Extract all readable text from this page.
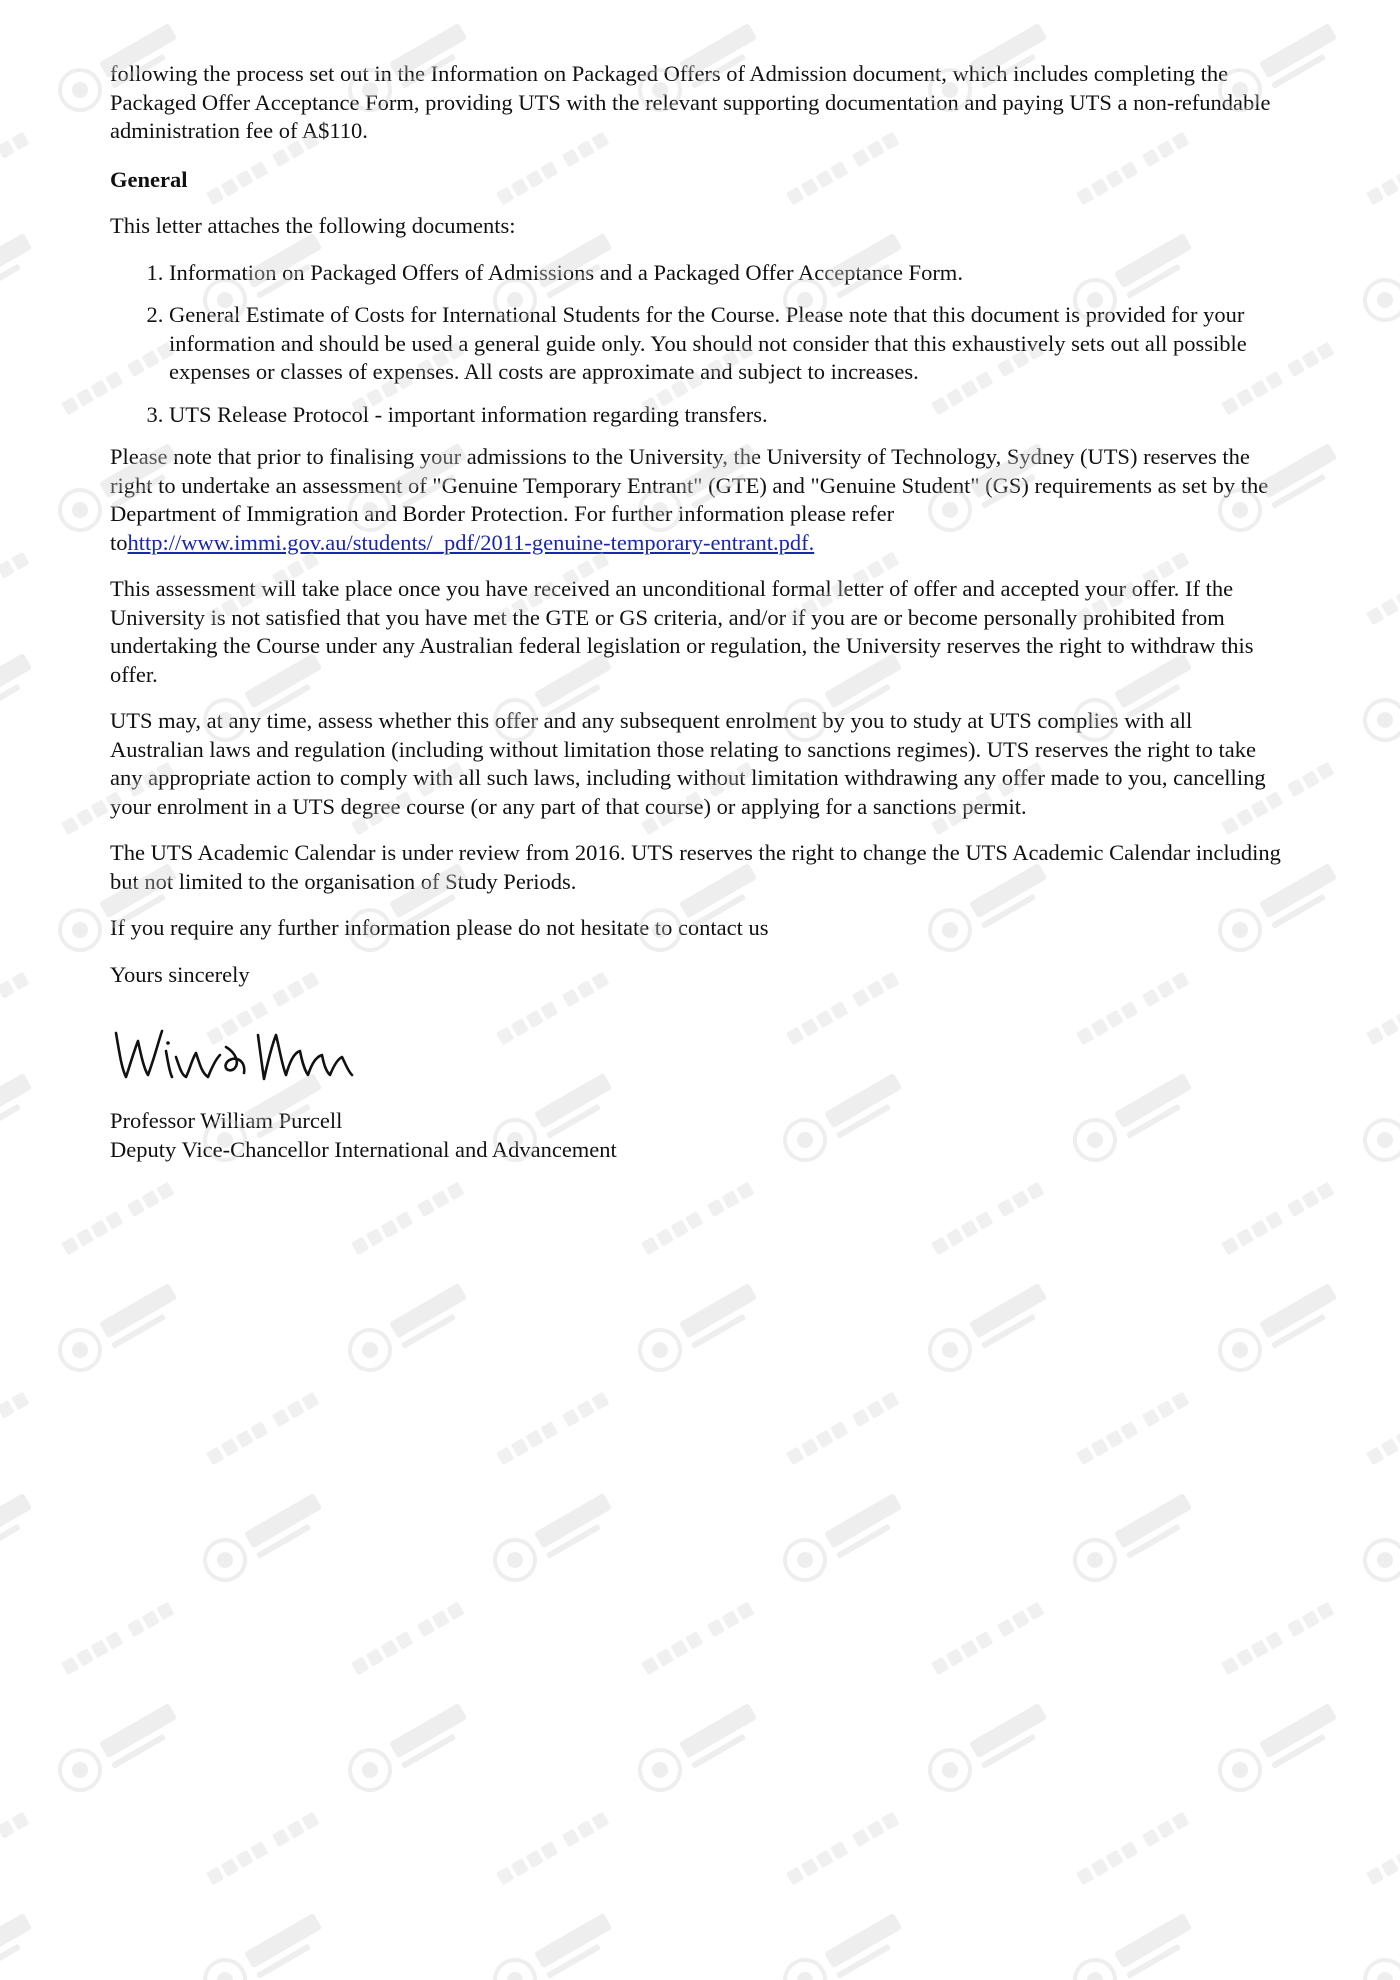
following the process set out in the Information on Packaged Offers of Admission document, which includes completing the Packaged Offer Acceptance Form, providing UTS with the relevant supporting documentation and paying UTS a non-refundable administration fee of A$110.

General

This letter attaches the following documents:

1. Information on Packaged Offers of Admissions and a Packaged Offer Acceptance Form.
2. General Estimate of Costs for International Students for the Course. Please note that this document is provided for your information and should be used a general guide only. You should not consider that this exhaustively sets out all possible expenses or classes of expenses. All costs are approximate and subject to increases.
3. UTS Release Protocol - important information regarding transfers.

Please note that prior to finalising your admissions to the University, the University of Technology, Sydney (UTS) reserves the right to undertake an assessment of "Genuine Temporary Entrant" (GTE) and "Genuine Student" (GS) requirements as set by the Department of Immigration and Border Protection. For further information please refer tohttp://www.immi.gov.au/students/_pdf/2011-genuine-temporary-entrant.pdf.

This assessment will take place once you have received an unconditional formal letter of offer and accepted your offer. If the University is not satisfied that you have met the GTE or GS criteria, and/or if you are or become personally prohibited from undertaking the Course under any Australian federal legislation or regulation, the University reserves the right to withdraw this offer.

UTS may, at any time, assess whether this offer and any subsequent enrolment by you to study at UTS complies with all Australian laws and regulation (including without limitation those relating to sanctions regimes). UTS reserves the right to take any appropriate action to comply with all such laws, including without limitation withdrawing any offer made to you, cancelling your enrolment in a UTS degree course (or any part of that course) or applying for a sanctions permit.

The UTS Academic Calendar is under review from 2016. UTS reserves the right to change the UTS Academic Calendar including but not limited to the organisation of Study Periods.

If you require any further information please do not hesitate to contact us

Yours sincerely

Professor William Purcell
Deputy Vice-Chancellor International and Advancement
